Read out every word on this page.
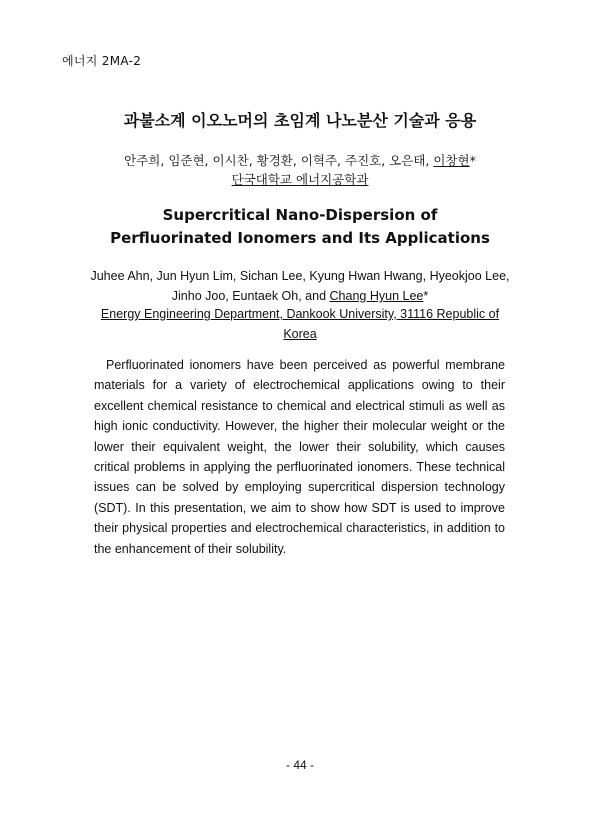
에너지 2MA-2
과불소계 이오노머의 초임계 나노분산 기술과 응용
안주희, 임준현, 이시찬, 황경환, 이혁주, 주진호, 오은태, 이창현*
단국대학교 에너지공학과
Supercritical Nano-Dispersion of Perfluorinated Ionomers and Its Applications
Juhee Ahn, Jun Hyun Lim, Sichan Lee, Kyung Hwan Hwang, Hyeokjoo Lee,
Jinho Joo, Euntaek Oh, and Chang Hyun Lee*
Energy Engineering Department, Dankook University, 31116 Republic of Korea

Perfluorinated ionomers have been perceived as powerful membrane materials for a variety of electrochemical applications owing to their excellent chemical resistance to chemical and electrical stimuli as well as high ionic conductivity. However, the higher their molecular weight or the lower their equivalent weight, the lower their solubility, which causes critical problems in applying the perfluorinated ionomers. These technical issues can be solved by employing supercritical dispersion technology (SDT). In this presentation, we aim to show how SDT is used to improve their physical properties and electrochemical characteristics, in addition to the enhancement of their solubility.

- 44 -
